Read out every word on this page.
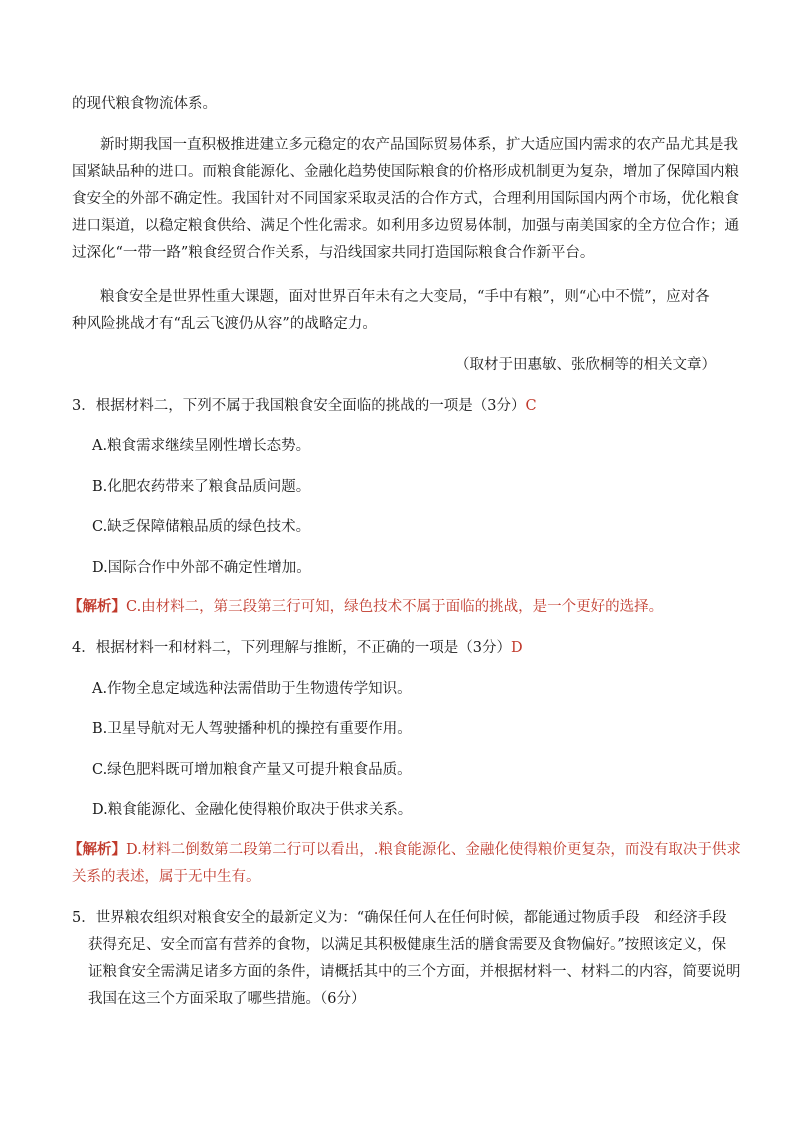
的现代粮食物流体系。
新时期我国一直积极推进建立多元稳定的农产品国际贸易体系，扩大适应国内需求的农产品尤其是我
国紧缺品种的进口。而粮食能源化、金融化趋势使国际粮食的价格形成机制更为复杂，增加了保障国内粮
食安全的外部不确定性。我国针对不同国家采取灵活的合作方式，合理利用国际国内两个市场，优化粮食
进口渠道，以稳定粮食供给、满足个性化需求。如利用多边贸易体制，加强与南美国家的全方位合作；通
过深化“一带一路”粮食经贸合作关系，与沿线国家共同打造国际粮食合作新平台。
粮食安全是世界性重大课题，面对世界百年未有之大变局，“手中有粮”，则“心中不慌”，应对各
种风险挑战才有“乱云飞渡仍从容”的战略定力。
（取材于田惠敏、张欣桐等的相关文章）
3．根据材料二，下列不属于我国粮食安全面临的挑战的一项是（3分）C
A.粮食需求继续呈刚性增长态势。
B.化肥农药带来了粮食品质问题。
C.缺乏保障储粮品质的绿色技术。
D.国际合作中外部不确定性增加。
【解析】C.由材料二，第三段第三行可知，绿色技术不属于面临的挑战，是一个更好的选择。
4．根据材料一和材料二，下列理解与推断，不正确的一项是（3分）D
A.作物全息定域选种法需借助于生物遗传学知识。
B.卫星导航对无人驾驶播种机的操控有重要作用。
C.绿色肥料既可增加粮食产量又可提升粮食品质。
D.粮食能源化、金融化使得粮价取决于供求关系。
【解析】D.材料二倒数第二段第二行可以看出，.粮食能源化、金融化使得粮价更复杂，而没有取决于供求
关系的表述，属于无中生有。
5．世界粮农组织对粮食安全的最新定义为：“确保任何人在任何时候，都能通过物质手段　和经济手段
获得充足、安全而富有营养的食物，以满足其积极健康生活的膳食需要及食物偏好。”按照该定义，保
证粮食安全需满足诸多方面的条件，请概括其中的三个方面，并根据材料一、材料二的内容，简要说明
我国在这三个方面采取了哪些措施。（6分）
